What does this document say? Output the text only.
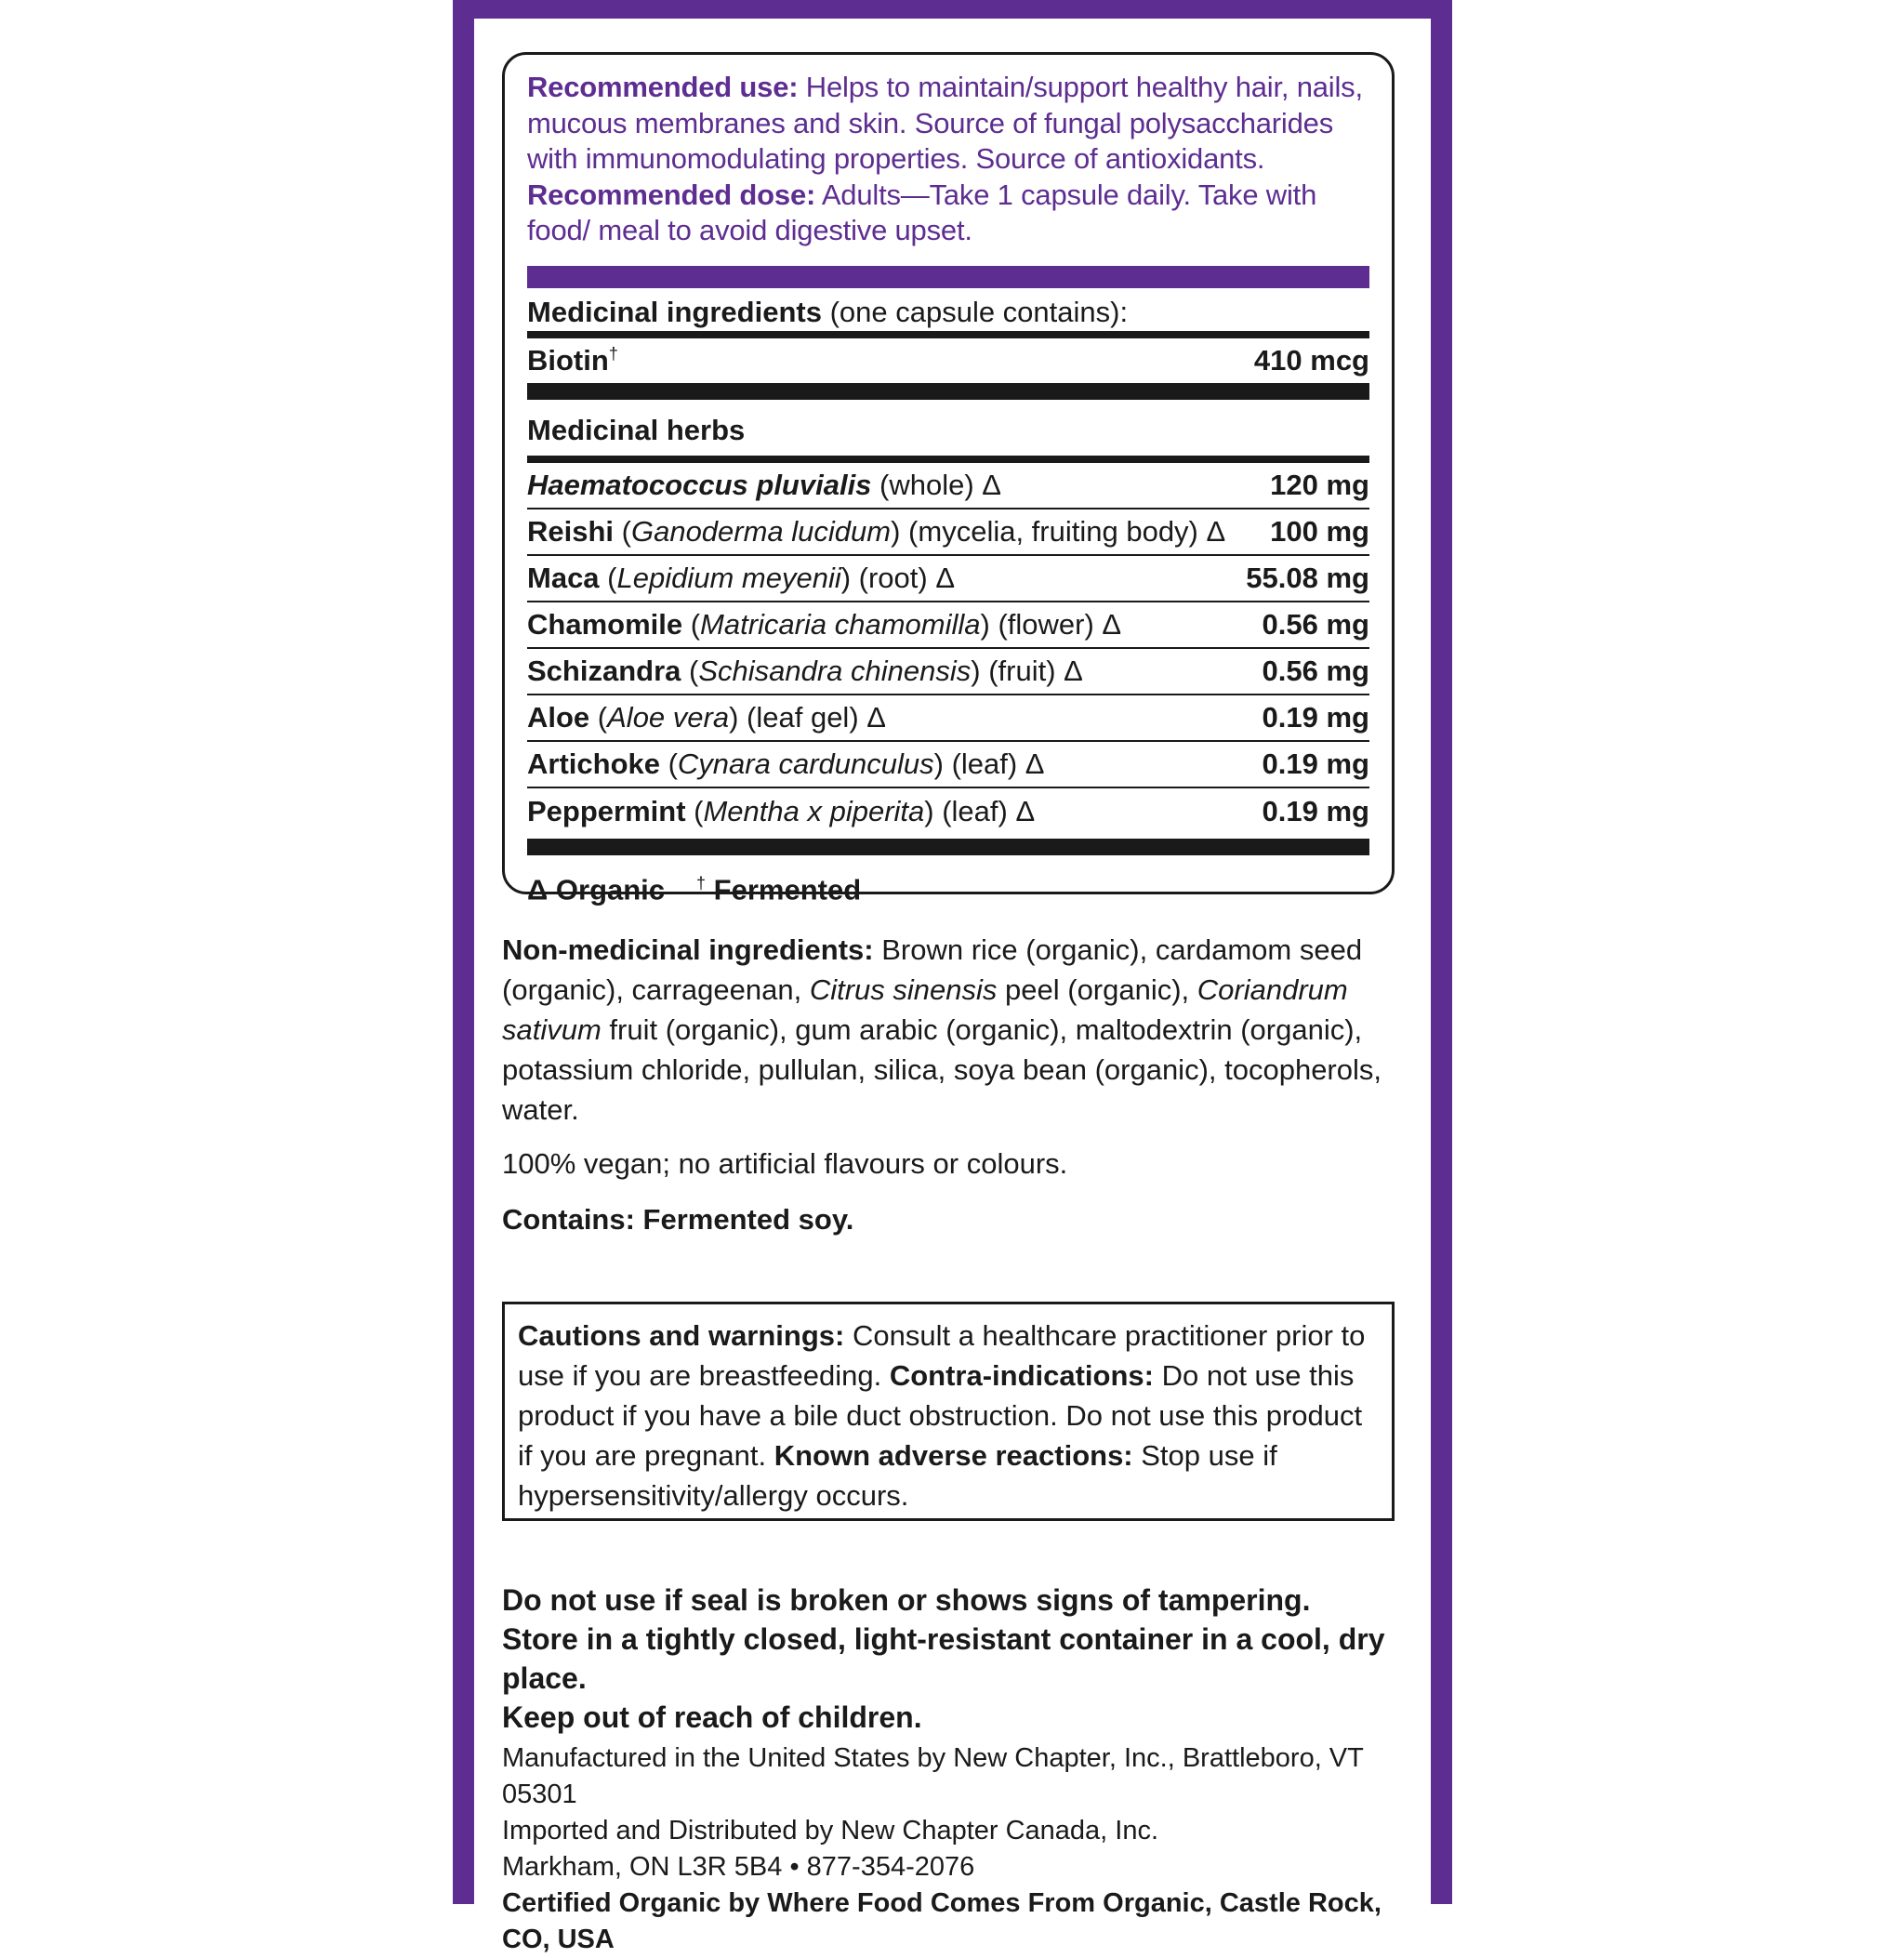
Recommended use: Helps to maintain/support healthy hair, nails, mucous membranes and skin. Source of fungal polysaccharides with immunomodulating properties. Source of antioxidants.
Recommended dose: Adults—Take 1 capsule daily. Take with food/ meal to avoid digestive upset.
Medicinal ingredients (one capsule contains):
Biotin†	410 mcg
Medicinal herbs
Haematococcus pluvialis (whole) Δ	120 mg
Reishi (Ganoderma lucidum) (mycelia, fruiting body) Δ 100 mg
Maca (Lepidium meyenii) (root) Δ	55.08 mg
Chamomile (Matricaria chamomilla) (flower) Δ	0.56 mg
Schizandra (Schisandra chinensis) (fruit) Δ	0.56 mg
Aloe (Aloe vera) (leaf gel) Δ	0.19 mg
Artichoke (Cynara cardunculus) (leaf) Δ	0.19 mg
Peppermint (Mentha x piperita) (leaf) Δ	0.19 mg
Δ Organic † Fermented
Non-medicinal ingredients: Brown rice (organic), cardamom seed (organic), carrageenan, Citrus sinensis peel (organic), Coriandrum sativum fruit (organic), gum arabic (organic), maltodextrin (organic), potassium chloride, pullulan, silica, soya bean (organic), tocopherols, water.
100% vegan; no artificial flavours or colours.
Contains: Fermented soy.
Cautions and warnings: Consult a healthcare practitioner prior to use if you are breastfeeding. Contra-indications: Do not use this product if you have a bile duct obstruction. Do not use this product if you are pregnant. Known adverse reactions: Stop use if hypersensitivity/allergy occurs.
Do not use if seal is broken or shows signs of tampering.
Store in a tightly closed, light-resistant container in a cool, dry place.
Keep out of reach of children.
Manufactured in the United States by New Chapter, Inc., Brattleboro, VT 05301
Imported and Distributed by New Chapter Canada, Inc.
Markham, ON L3R 5B4 • 877-354-2076
Certified Organic by Where Food Comes From Organic, Castle Rock, CO, USA
